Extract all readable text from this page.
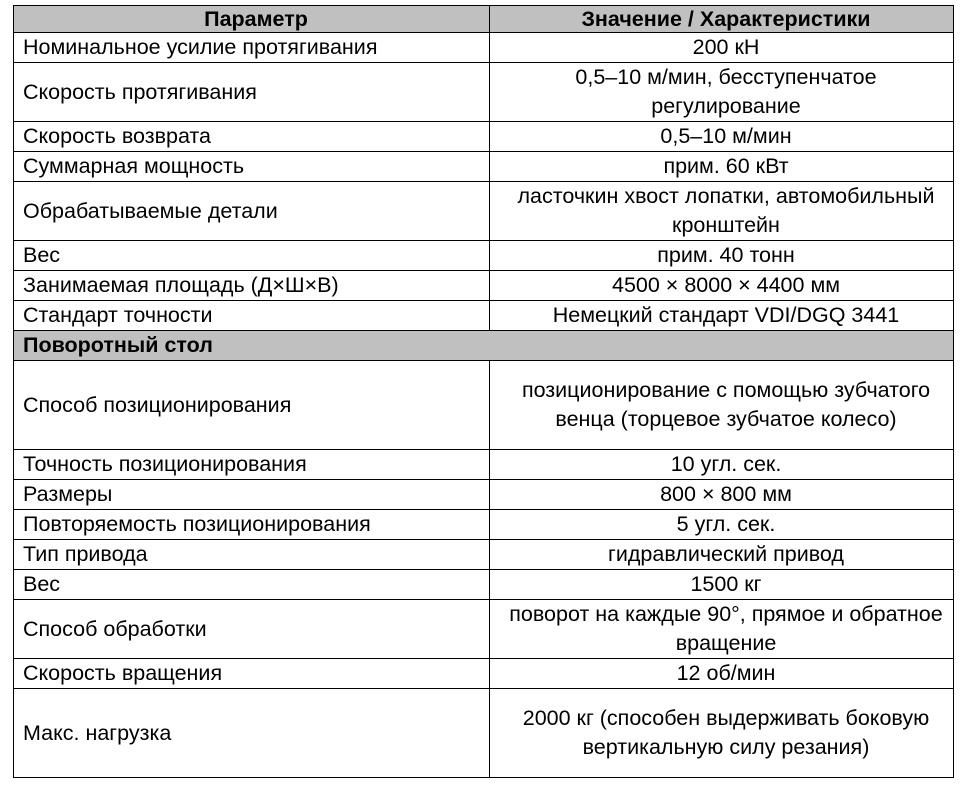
Параметр	Значение / Характеристики
Номинальное усилие протягивания	200 кН
Скорость протягивания	0,5–10 м/мин, бесступенчатое регулирование
Скорость возврата	0,5–10 м/мин
Суммарная мощность	прим. 60 кВт
Обрабатываемые детали	ласточкин хвост лопатки, автомобильный кронштейн
Вес	прим. 40 тонн
Занимаемая площадь (Д×Ш×В)	4500 × 8000 × 4400 мм
Стандарт точности	Немецкий стандарт VDI/DGQ 3441
Поворотный стол	
Способ позиционирования	позиционирование с помощью зубчатого венца (торцевое зубчатое колесо)
Точность позиционирования	10 угл. сек.
Размеры	800 × 800 мм
Повторяемость позиционирования	5 угл. сек.
Тип привода	гидравлический привод
Вес	1500 кг
Способ обработки	поворот на каждые 90°, прямое и обратное вращение
Скорость вращения	12 об/мин
Макс. нагрузка	2000 кг (способен выдерживать боковую вертикальную силу резания)
